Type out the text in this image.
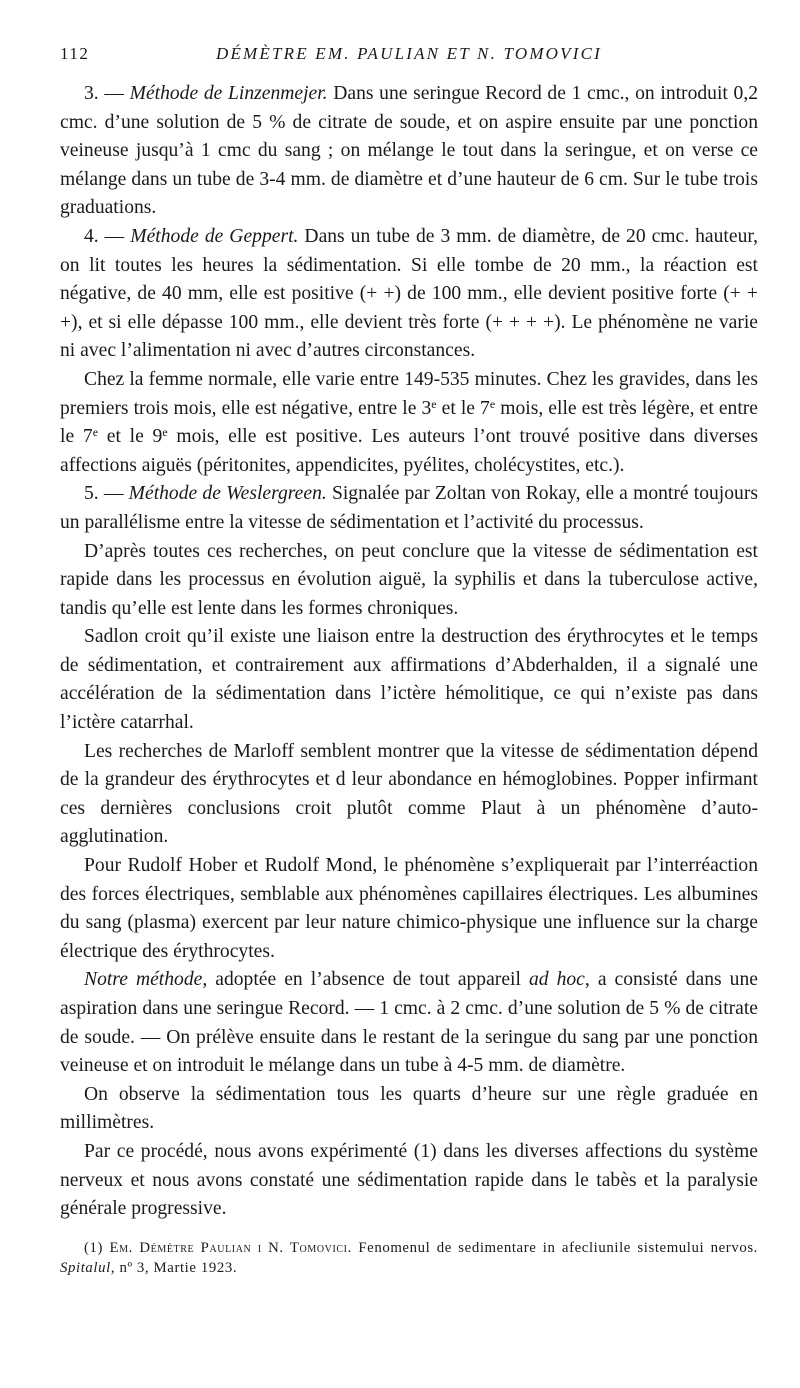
112	DÉMÈTRE EM. PAULIAN ET N. TOMOVICI

3. — Méthode de Linzenmejer. Dans une seringue Record de 1 cmc., on introduit 0,2 cmc. d’une solution de 5 % de citrate de soude, et on aspire ensuite par une ponction veineuse jusqu’à 1 cmc du sang ; on mélange le tout dans la seringue, et on verse ce mélange dans un tube de 3-4 mm. de diamètre et d’une hauteur de 6 cm. Sur le tube trois graduations.

4. — Méthode de Geppert. Dans un tube de 3 mm. de diamètre, de 20 cmc. hauteur, on lit toutes les heures la sédimentation. Si elle tombe de 20 mm., la réaction est négative, de 40 mm, elle est positive (+ +) de 100 mm., elle devient positive forte (+ + +), et si elle dépasse 100 mm., elle devient très forte (+ + + +). Le phénomène ne varie ni avec l’alimentation ni avec d’autres circonstances.

Chez la femme normale, elle varie entre 149-535 minutes. Chez les gravides, dans les premiers trois mois, elle est négative, entre le 3e et le 7e mois, elle est très légère, et entre le 7e et le 9e mois, elle est positive. Les auteurs l’ont trouvé positive dans diverses affections aiguës (péritonites, appendicites, pyélites, cholécystites, etc.).

5. — Méthode de Weslergreen. Signalée par Zoltan von Rokay, elle a montré toujours un parallélisme entre la vitesse de sédimentation et l’activité du processus.

D’après toutes ces recherches, on peut conclure que la vitesse de sédimentation est rapide dans les processus en évolution aiguë, la syphilis et dans la tuberculose active, tandis qu’elle est lente dans les formes chroniques.

Sadlon croit qu’il existe une liaison entre la destruction des érythrocytes et le temps de sédimentation, et contrairement aux affirmations d’Abderhalden, il a signalé une accélération de la sédimentation dans l’ictère hémolitique, ce qui n’existe pas dans l’ictère catarrhal.

Les recherches de Marloff semblent montrer que la vitesse de sédimentation dépend de la grandeur des érythrocytes et d leur abondance en hémoglobines. Popper infirmant ces dernières conclusions croit plutôt comme Plaut à un phénomène d’auto-agglutination.

Pour Rudolf Hober et Rudolf Mond, le phénomène s’expliquerait par l’interréaction des forces électriques, semblable aux phénomènes capillaires électriques. Les albumines du sang (plasma) exercent par leur nature chimico-physique une influence sur la charge électrique des érythrocytes.

Notre méthode, adoptée en l’absence de tout appareil ad hoc, a consisté dans une aspiration dans une seringue Record. — 1 cmc. à 2 cmc. d’une solution de 5 % de citrate de soude. — On prélève ensuite dans le restant de la seringue du sang par une ponction veineuse et on introduit le mélange dans un tube à 4-5 mm. de diamètre.

On observe la sédimentation tous les quarts d’heure sur une règle graduée en millimètres.

Par ce procédé, nous avons expérimenté (1) dans les diverses affections du système nerveux et nous avons constaté une sédimentation rapide dans le tabès et la paralysie générale progressive.

(1) Em. Démètre Paulian i N. Tomovici. Fenomenul de sedimentare in afecliunile sistemului nervos. Spitalul, nº 3, Martie 1923.
